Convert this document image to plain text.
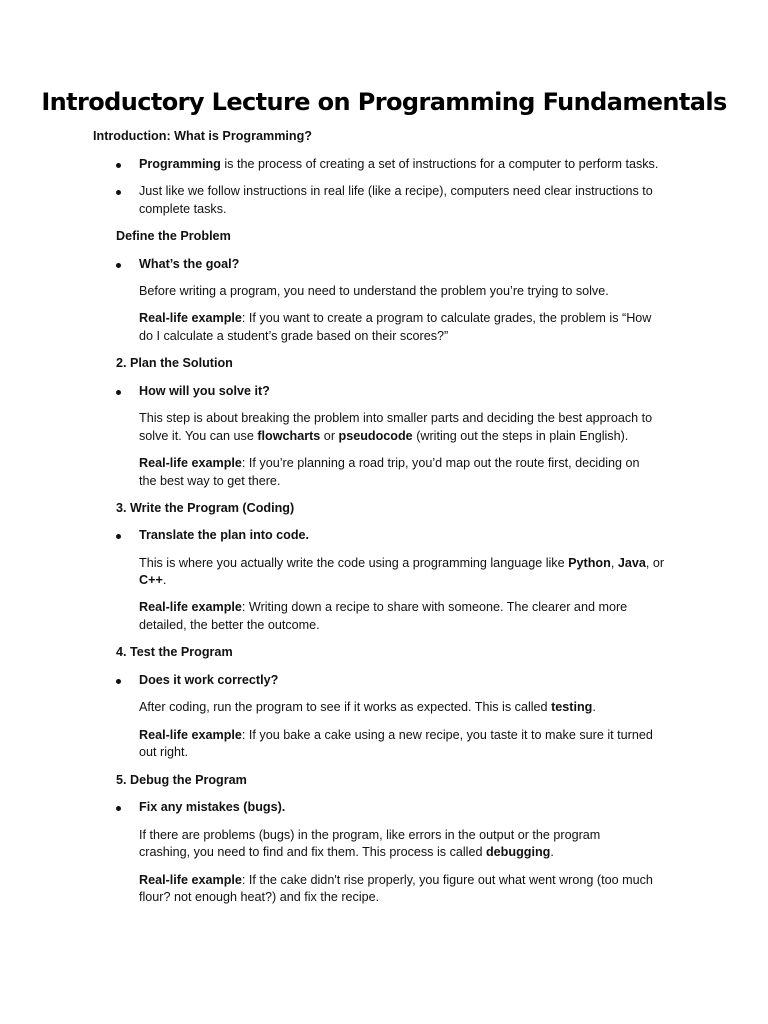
Introductory Lecture on Programming Fundamentals

Introduction: What is Programming?

Programming is the process of creating a set of instructions for a computer to perform tasks.

Just like we follow instructions in real life (like a recipe), computers need clear instructions to

complete tasks.

Define the Problem

What’s the goal?

Before writing a program, you need to understand the problem you’re trying to solve.

Real-life example: If you want to create a program to calculate grades, the problem is “How

do I calculate a student’s grade based on their scores?”

2. Plan the Solution

How will you solve it?

This step is about breaking the problem into smaller parts and deciding the best approach to

solve it. You can use flowcharts or pseudocode (writing out the steps in plain English).

Real-life example: If you’re planning a road trip, you’d map out the route first, deciding on

the best way to get there.

3. Write the Program (Coding)

Translate the plan into code.

This is where you actually write the code using a programming language like Python, Java, or

C++.

Real-life example: Writing down a recipe to share with someone. The clearer and more

detailed, the better the outcome.

4. Test the Program

Does it work correctly?

After coding, run the program to see if it works as expected. This is called testing.

Real-life example: If you bake a cake using a new recipe, you taste it to make sure it turned

out right.

5. Debug the Program

Fix any mistakes (bugs).

If there are problems (bugs) in the program, like errors in the output or the program

crashing, you need to find and fix them. This process is called debugging.

Real-life example: If the cake didn't rise properly, you figure out what went wrong (too much

flour? not enough heat?) and fix the recipe.
